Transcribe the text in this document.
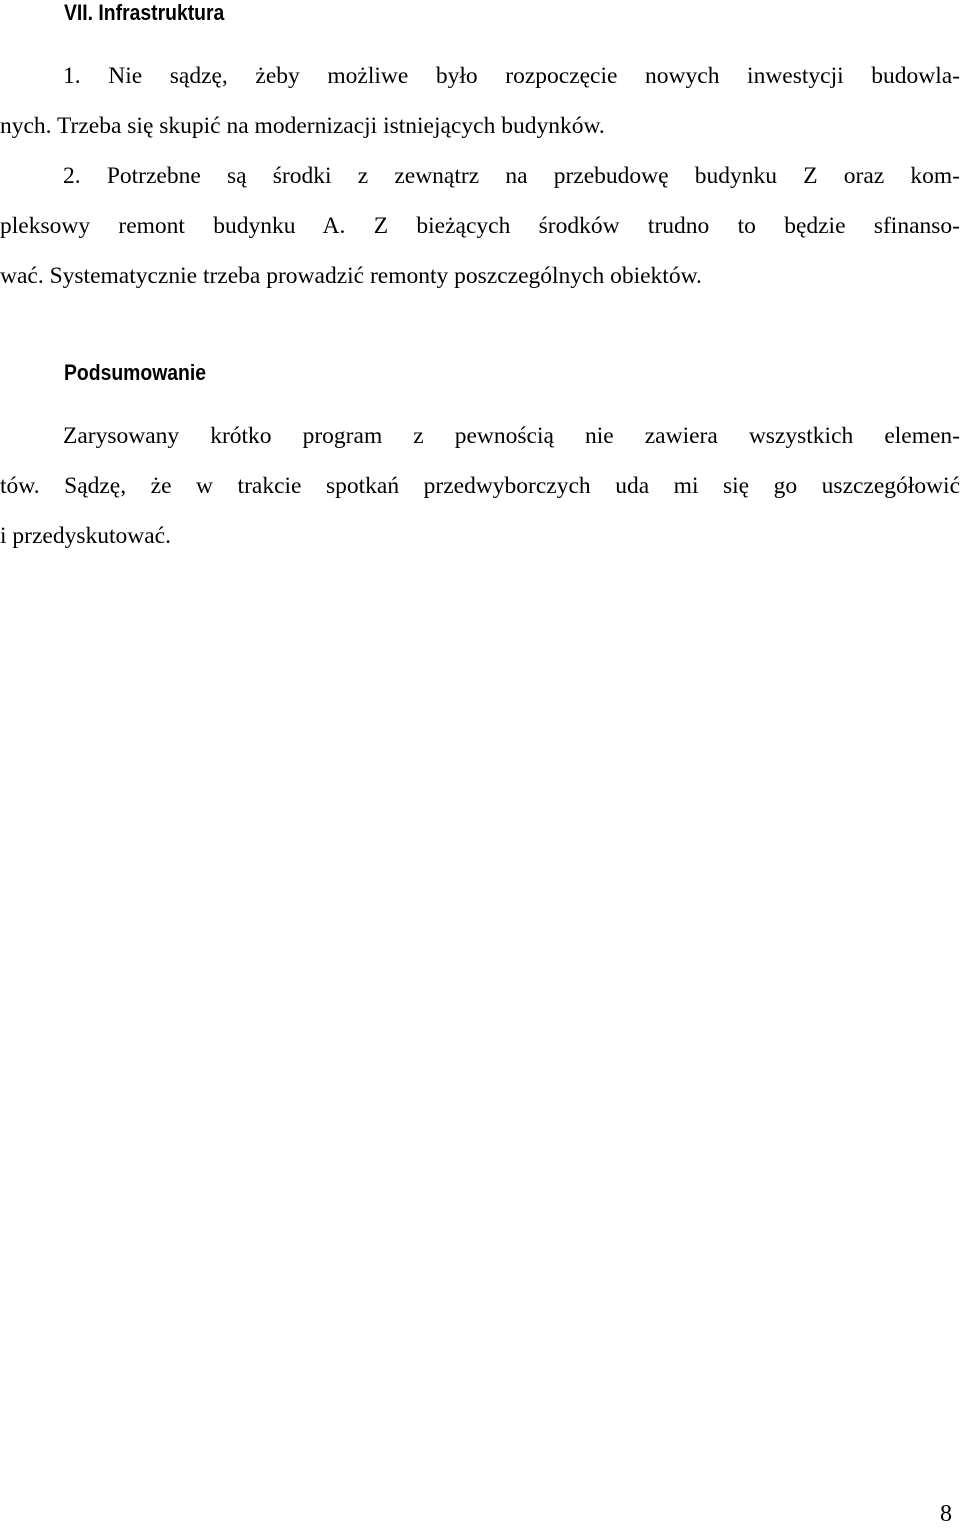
VII. Infrastruktura

1. Nie sądzę, żeby możliwe było rozpoczęcie nowych inwestycji budowla-

nych. Trzeba się skupić na modernizacji istniejących budynków.

2. Potrzebne są środki z zewnątrz na przebudowę budynku Z oraz kom-

pleksowy remont budynku A. Z bieżących środków trudno to będzie sfinanso-

wać. Systematycznie trzeba prowadzić remonty poszczególnych obiektów.

Podsumowanie

Zarysowany krótko program z pewnością nie zawiera wszystkich elemen-

tów. Sądzę, że w trakcie spotkań przedwyborczych uda mi się go uszczegółowić

i przedyskutować.

8
